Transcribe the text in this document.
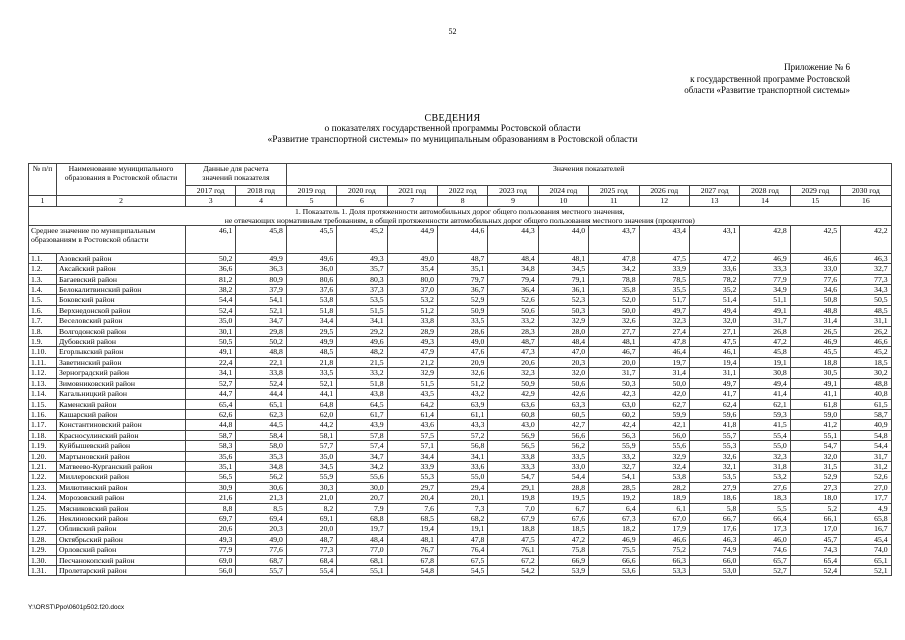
52
Приложение № 6
к государственной программе Ростовской
области «Развитие транспортной системы»
СВЕДЕНИЯ
о показателях государственной программы Ростовской области
«Развитие транспортной системы» по муниципальным образованиям в Ростовской области
№ п/п	Наименование муниципального образования в Ростовской области	Данные для расчета значений показателя		Значения показателей											
		2017 год	2018 год	2019 год	2020 год	2021 год	2022 год	2023 год	2024 год	2025 год	2026 год	2027 год	2028 год	2029 год	2030 год
1	2	3	4	5	6	7	8	9	10	11	12	13	14	15	16

1. Показатель 1. Доля протяженности автомобильных дорог общего пользования местного значения,
не отвечающих нормативным требованиям, в общей протяженности автомобильных дорог общего пользования местного значения (процентов)															

Среднее значение по муниципальным образованиям в Ростовской области		46,1	45,8	45,5	45,2	44,9	44,6	44,3	44,0	43,7	43,4	43,1	42,8	42,5	42,2
1.1.	Азовский район	50,2	49,9	49,6	49,3	49,0	48,7	48,4	48,1	47,8	47,5	47,2	46,9	46,6	46,3
1.2.	Аксайский район	36,6	36,3	36,0	35,7	35,4	35,1	34,8	34,5	34,2	33,9	33,6	33,3	33,0	32,7
1.3.	Багаевский район	81,2	80,9	80,6	80,3	80,0	79,7	79,4	79,1	78,8	78,5	78,2	77,9	77,6	77,3
1.4.	Белокалитвинский район	38,2	37,9	37,6	37,3	37,0	36,7	36,4	36,1	35,8	35,5	35,2	34,9	34,6	34,3
1.5.	Боковский район	54,4	54,1	53,8	53,5	53,2	52,9	52,6	52,3	52,0	51,7	51,4	51,1	50,8	50,5
1.6.	Верхнедонской район	52,4	52,1	51,8	51,5	51,2	50,9	50,6	50,3	50,0	49,7	49,4	49,1	48,8	48,5
1.7.	Веселовский район	35,0	34,7	34,4	34,1	33,8	33,5	33,2	32,9	32,6	32,3	32,0	31,7	31,4	31,1
1.8.	Волгодонской район	30,1	29,8	29,5	29,2	28,9	28,6	28,3	28,0	27,7	27,4	27,1	26,8	26,5	26,2
1.9.	Дубовский район	50,5	50,2	49,9	49,6	49,3	49,0	48,7	48,4	48,1	47,8	47,5	47,2	46,9	46,6
1.10.	Егорлыкский район	49,1	48,8	48,5	48,2	47,9	47,6	47,3	47,0	46,7	46,4	46,1	45,8	45,5	45,2
1.11.	Заветинский район	22,4	22,1	21,8	21,5	21,2	20,9	20,6	20,3	20,0	19,7	19,4	19,1	18,8	18,5
1.12.	Зерноградский район	34,1	33,8	33,5	33,2	32,9	32,6	32,3	32,0	31,7	31,4	31,1	30,8	30,5	30,2
1.13.	Зимовниковский район	52,7	52,4	52,1	51,8	51,5	51,2	50,9	50,6	50,3	50,0	49,7	49,4	49,1	48,8
1.14.	Кагальницкий район	44,7	44,4	44,1	43,8	43,5	43,2	42,9	42,6	42,3	42,0	41,7	41,4	41,1	40,8
1.15.	Каменский район	65,4	65,1	64,8	64,5	64,2	63,9	63,6	63,3	63,0	62,7	62,4	62,1	61,8	61,5
1.16.	Кашарский район	62,6	62,3	62,0	61,7	61,4	61,1	60,8	60,5	60,2	59,9	59,6	59,3	59,0	58,7
1.17.	Константиновский район	44,8	44,5	44,2	43,9	43,6	43,3	43,0	42,7	42,4	42,1	41,8	41,5	41,2	40,9
1.18.	Красносулинский район	58,7	58,4	58,1	57,8	57,5	57,2	56,9	56,6	56,3	56,0	55,7	55,4	55,1	54,8
1.19.	Куйбышевский район	58,3	58,0	57,7	57,4	57,1	56,8	56,5	56,2	55,9	55,6	55,3	55,0	54,7	54,4
1.20.	Мартыновский район	35,6	35,3	35,0	34,7	34,4	34,1	33,8	33,5	33,2	32,9	32,6	32,3	32,0	31,7
1.21.	Матвеево-Курганский район	35,1	34,8	34,5	34,2	33,9	33,6	33,3	33,0	32,7	32,4	32,1	31,8	31,5	31,2
1.22.	Миллеровский район	56,5	56,2	55,9	55,6	55,3	55,0	54,7	54,4	54,1	53,8	53,5	53,2	52,9	52,6
1.23.	Милютинский район	30,9	30,6	30,3	30,0	29,7	29,4	29,1	28,8	28,5	28,2	27,9	27,6	27,3	27,0
1.24.	Морозовский район	21,6	21,3	21,0	20,7	20,4	20,1	19,8	19,5	19,2	18,9	18,6	18,3	18,0	17,7
1.25.	Мясниковский район	8,8	8,5	8,2	7,9	7,6	7,3	7,0	6,7	6,4	6,1	5,8	5,5	5,2	4,9
1.26.	Неклиновский район	69,7	69,4	69,1	68,8	68,5	68,2	67,9	67,6	67,3	67,0	66,7	66,4	66,1	65,8
1.27.	Обливский район	20,6	20,3	20,0	19,7	19,4	19,1	18,8	18,5	18,2	17,9	17,6	17,3	17,0	16,7
1.28.	Октябрьский район	49,3	49,0	48,7	48,4	48,1	47,8	47,5	47,2	46,9	46,6	46,3	46,0	45,7	45,4
1.29.	Орловский район	77,9	77,6	77,3	77,0	76,7	76,4	76,1	75,8	75,5	75,2	74,9	74,6	74,3	74,0
1.30.	Песчанокопский район	69,0	68,7	68,4	68,1	67,8	67,5	67,2	66,9	66,6	66,3	66,0	65,7	65,4	65,1
1.31.	Пролетарский район	56,0	55,7	55,4	55,1	54,8	54,5	54,2	53,9	53,6	53,3	53,0	52,7	52,4	52,1
Y:\ORST\Ppo\0601p502.f20.docx
